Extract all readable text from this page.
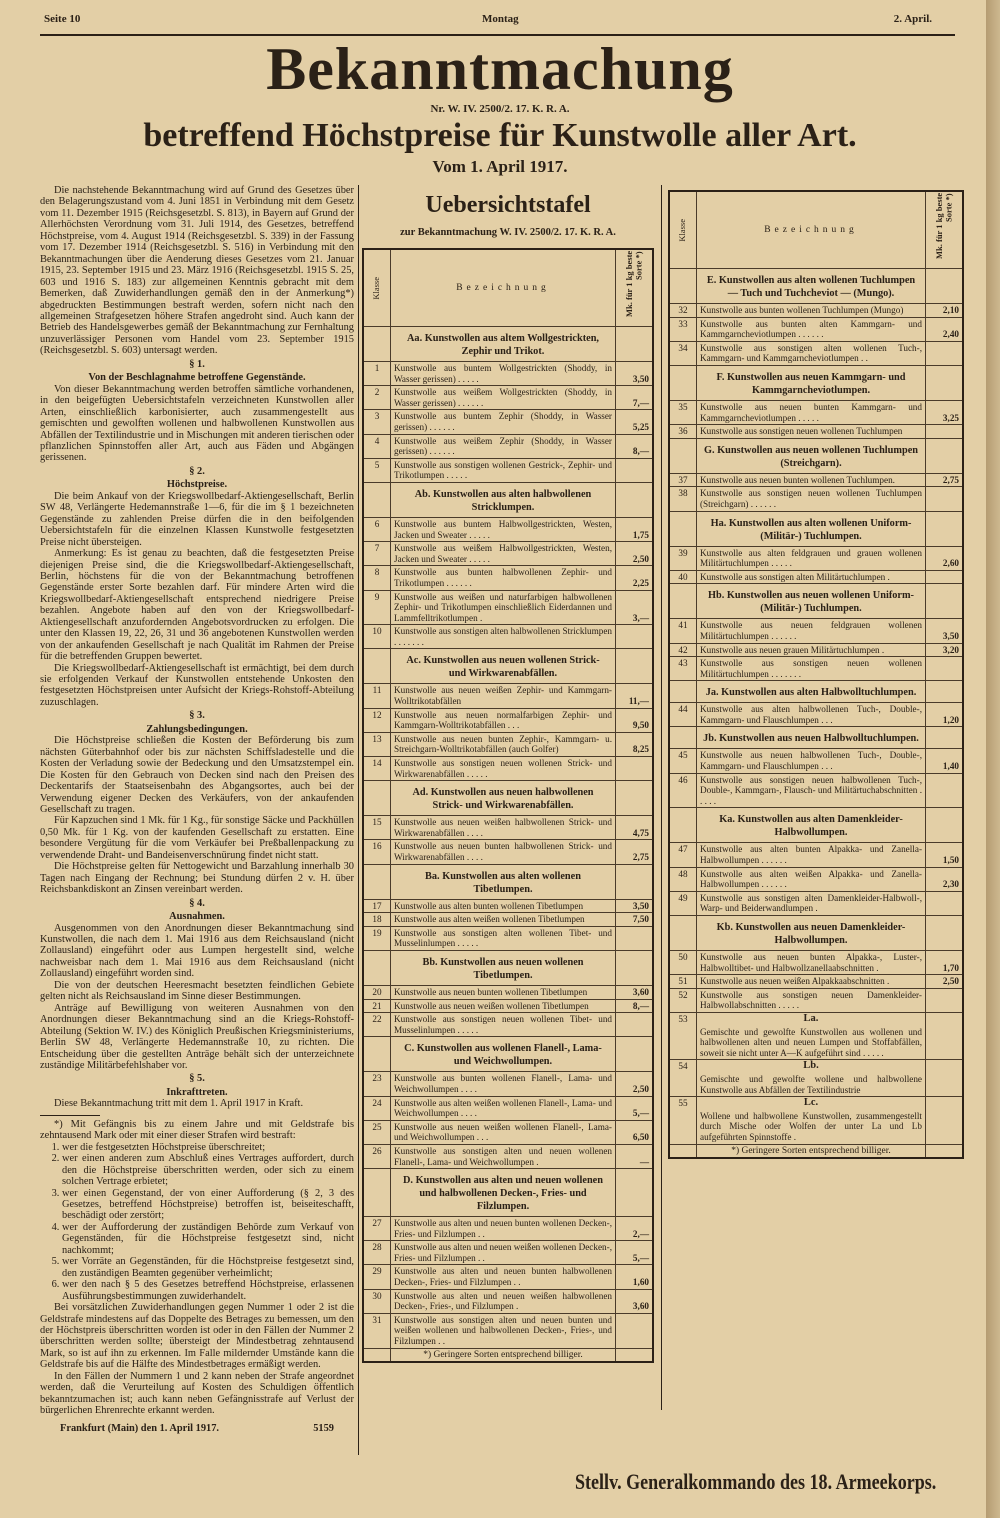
Seite 10	Montag	2. April.
Bekanntmachung
Nr. W. IV. 2500/2. 17. K. R. A.
betreffend Höchstpreise für Kunstwolle aller Art.
Vom 1. April 1917.

Die nachstehende Bekanntmachung wird auf Grund des Gesetzes über den Belagerungszustand vom 4. Juni 1851 in Verbindung mit dem Gesetz vom 11. Dezember 1915 (Reichsgesetzbl. S. 813), in Bayern auf Grund der Allerhöchsten Verordnung vom 31. Juli 1914, des Gesetzes, betreffend Höchstpreise, vom 4. August 1914 (Reichsgesetzbl. S. 339) in der Fassung vom 17. Dezember 1914 (Reichsgesetzbl. S. 516) in Verbindung mit den Bekanntmachungen über die Aenderung dieses Gesetzes vom 21. Januar 1915, 23. September 1915 und 23. März 1916 (Reichsgesetzbl. 1915 S. 25, 603 und 1916 S. 183) zur allgemeinen Kenntnis gebracht mit dem Bemerken, daß Zuwiderhandlungen gemäß den in der Anmerkung*) abgedruckten Bestimmungen bestraft werden, sofern nicht nach den allgemeinen Strafgesetzen höhere Strafen angedroht sind. Auch kann der Betrieb des Handelsgewerbes gemäß der Bekanntmachung zur Fernhaltung unzuverlässiger Personen vom Handel vom 23. September 1915 (Reichsgesetzbl. S. 603) untersagt werden.

§ 1.

Von der Beschlagnahme betroffene Gegenstände.

Von dieser Bekanntmachung werden betroffen sämtliche vorhandenen, in den beigefügten Uebersichtstafeln verzeichneten Kunstwollen aller Arten, einschließlich karbonisierter, auch zusammengestellt aus gemischten und gewolften wollenen und halbwollenen Kunstwollen aus Abfällen der Textilindustrie und in Mischungen mit anderen tierischen oder pflanzlichen Spinnstoffen aller Art, auch aus Fäden und Abgängen gerissenen.

§ 2.

Höchstpreise.

Die beim Ankauf von der Kriegswollbedarf-Aktiengesellschaft, Berlin SW 48, Verlängerte Hedemannstraße 1—6, für die im § 1 bezeichneten Gegenstände zu zahlenden Preise dürfen die in den beifolgenden Uebersichtstafeln für die einzelnen Klassen Kunstwolle festgesetzten Preise nicht übersteigen.

Anmerkung: Es ist genau zu beachten, daß die festgesetzten Preise diejenigen Preise sind, die die Kriegswollbedarf-Aktiengesellschaft, Berlin, höchstens für die von der Bekanntmachung betroffenen Gegenstände erster Sorte bezahlen darf. Für mindere Arten wird die Kriegswollbedarf-Aktiengesellschaft entsprechend niedrigere Preise bezahlen. Angebote haben auf den von der Kriegswollbedarf-Aktiengesellschaft anzufordernden Angebotsvordrucken zu erfolgen. Die unter den Klassen 19, 22, 26, 31 und 36 angebotenen Kunstwollen werden von der ankaufenden Gesellschaft je nach Qualität im Rahmen der Preise für die betreffenden Gruppen bewertet.

Die Kriegswollbedarf-Aktiengesellschaft ist ermächtigt, bei dem durch sie erfolgenden Verkauf der Kunstwollen entstehende Unkosten den festgesetzten Höchstpreisen unter Aufsicht der Kriegs-Rohstoff-Abteilung zuzuschlagen.

§ 3.

Zahlungsbedingungen.

Die Höchstpreise schließen die Kosten der Beförderung bis zum nächsten Güterbahnhof oder bis zur nächsten Schiffsladestelle und die Kosten der Verladung sowie der Bedeckung und den Umsatzstempel ein. Die Kosten für den Gebrauch von Decken sind nach den Preisen des Deckentarifs der Staatseisenbahn des Abgangsortes, auch bei der Verwendung eigener Decken des Verkäufers, von der ankaufenden Gesellschaft zu tragen.

Für Kapzuchen sind 1 Mk. für 1 Kg., für sonstige Säcke und Packhüllen 0,50 Mk. für 1 Kg. von der kaufenden Gesellschaft zu erstatten. Eine besondere Vergütung für die vom Verkäufer bei Preßballenpackung zu verwendende Draht- und Bandeisenverschnürung findet nicht statt.

Die Höchstpreise gelten für Nettogewicht und Barzahlung innerhalb 30 Tagen nach Eingang der Rechnung; bei Stundung dürfen 2 v. H. über Reichsbankdiskont an Zinsen vereinbart werden.

§ 4.

Ausnahmen.

Ausgenommen von den Anordnungen dieser Bekanntmachung sind Kunstwollen, die nach dem 1. Mai 1916 aus dem Reichsausland (nicht Zollausland) eingeführt oder aus Lumpen hergestellt sind, welche nachweisbar nach dem 1. Mai 1916 aus dem Reichsausland (nicht Zollausland) eingeführt worden sind.

Die von der deutschen Heeresmacht besetzten feindlichen Gebiete gelten nicht als Reichsausland im Sinne dieser Bestimmungen.

Anträge auf Bewilligung von weiteren Ausnahmen von den Anordnungen dieser Bekanntmachung sind an die Kriegs-Rohstoff-Abteilung (Sektion W. IV.) des Königlich Preußischen Kriegsministeriums, Berlin SW 48, Verlängerte Hedemannstraße 10, zu richten. Die Entscheidung über die gestellten Anträge behält sich der unterzeichnete zuständige Militärbefehlshaber vor.

§ 5.

Inkrafttreten.

Diese Bekanntmachung tritt mit dem 1. April 1917 in Kraft.

*) Mit Gefängnis bis zu einem Jahre und mit Geldstrafe bis zehntausend Mark oder mit einer dieser Strafen wird bestraft:

1. wer die festgesetzten Höchstpreise überschreitet;
2. wer einen anderen zum Abschluß eines Vertrages auffordert, durch den die Höchstpreise überschritten werden, oder sich zu einem solchen Vertrage erbietet;
3. wer einen Gegenstand, der von einer Aufforderung (§ 2, 3 des Gesetzes, betreffend Höchstpreise) betroffen ist, beiseiteschafft, beschädigt oder zerstört;
4. wer der Aufforderung der zuständigen Behörde zum Verkauf von Gegenständen, für die Höchstpreise festgesetzt sind, nicht nachkommt;
5. wer Vorräte an Gegenständen, für die Höchstpreise festgesetzt sind, den zuständigen Beamten gegenüber verheimlicht;
6. wer den nach § 5 des Gesetzes betreffend Höchstpreise, erlassenen Ausführungsbestimmungen zuwiderhandelt.

Bei vorsätzlichen Zuwiderhandlungen gegen Nummer 1 oder 2 ist die Geldstrafe mindestens auf das Doppelte des Betrages zu bemessen, um den der Höchstpreis überschritten worden ist oder in den Fällen der Nummer 2 überschritten werden sollte; übersteigt der Mindestbetrag zehntausend Mark, so ist auf ihn zu erkennen. Im Falle mildernder Umstände kann die Geldstrafe bis auf die Hälfte des Mindestbetrages ermäßigt werden.

In den Fällen der Nummern 1 und 2 kann neben der Strafe angeordnet werden, daß die Verurteilung auf Kosten des Schuldigen öffentlich bekanntzumachen ist; auch kann neben Gefängnisstrafe auf Verlust der bürgerlichen Ehrenrechte erkannt werden.

Frankfurt (Main) den 1. April 1917.	5159
Uebersichtstafel
zur Bekanntmachung W. IV. 2500/2. 17. K. R. A.
Klasse	Bezeichnung	Mk. für 1 kg beste Sorte *)

	Aa. Kunstwollen aus altem Wollgestrickten, Zephir und Trikot.	
1	Kunstwolle aus buntem Wollgestrickten (Shoddy, in Wasser gerissen) . . . . .	3,50
2	Kunstwolle aus weißem Wollgestrickten (Shoddy, in Wasser gerissen) . . . . . .	7,—
3	Kunstwolle aus buntem Zephir (Shoddy, in Wasser gerissen) . . . . . .	5,25
4	Kunstwolle aus weißem Zephir (Shoddy, in Wasser gerissen) . . . . . .	8,—
5	Kunstwolle aus sonstigen wollenen Gestrick-, Zephir- und Trikotlumpen . . . . .	
	Ab. Kunstwollen aus alten halbwollenen Stricklumpen.	
6	Kunstwolle aus buntem Halbwollgestrickten, Westen, Jacken und Sweater . . . . .	1,75
7	Kunstwolle aus weißem Halbwollgestrickten, Westen, Jacken und Sweater . . . . .	2,50
8	Kunstwolle aus bunten halbwollenen Zephir- und Trikotlumpen . . . . . .	2,25
9	Kunstwolle aus weißen und naturfarbigen halbwollenen Zephir- und Trikotlumpen einschließlich Eiderdannen und Lammfelltrikotlumpen .	3,—
10	Kunstwolle aus sonstigen alten halbwollenen Stricklumpen . . . . . . .	
	Ac. Kunstwollen aus neuen wollenen Strick- und Wirkwarenabfällen.	
11	Kunstwolle aus neuen weißen Zephir- und Kammgarn-Wolltrikotabfällen	11,—
12	Kunstwolle aus neuen normalfarbigen Zephir- und Kammgarn-Wolltrikotabfällen . . .	9,50
13	Kunstwolle aus neuen bunten Zephir-, Kammgarn- u. Streichgarn-Wolltrikotabfällen (auch Golfer)	8,25
14	Kunstwolle aus sonstigen neuen wollenen Strick- und Wirkwarenabfällen . . . . .	
	Ad. Kunstwollen aus neuen halbwollenen Strick- und Wirkwarenabfällen.	
15	Kunstwolle aus neuen weißen halbwollenen Strick- und Wirkwarenabfällen . . . .	4,75
16	Kunstwolle aus neuen bunten halbwollenen Strick- und Wirkwarenabfällen . . . .	2,75
	Ba. Kunstwollen aus alten wollenen Tibetlumpen.	
17	Kunstwolle aus alten bunten wollenen Tibetlumpen	3,50
18	Kunstwolle aus alten weißen wollenen Tibetlumpen	7,50
19	Kunstwolle aus sonstigen alten wollenen Tibet- und Musselinlumpen . . . . .	
	Bb. Kunstwollen aus neuen wollenen Tibetlumpen.	
20	Kunstwolle aus neuen bunten wollenen Tibetlumpen	3,60
21	Kunstwolle aus neuen weißen wollenen Tibetlumpen	8,—
22	Kunstwolle aus sonstigen neuen wollenen Tibet- und Musselinlumpen . . . . .	
	C. Kunstwollen aus wollenen Flanell-, Lama- und Weichwollumpen.	
23	Kunstwolle aus bunten wollenen Flanell-, Lama- und Weichwollumpen . . . .	2,50
24	Kunstwolle aus alten weißen wollenen Flanell-, Lama- und Weichwollumpen . . . .	5,—
25	Kunstwolle aus neuen weißen wollenen Flanell-, Lama- und Weichwollumpen . . .	6,50
26	Kunstwolle aus sonstigen alten und neuen wollenen Flanell-, Lama- und Weichwollumpen .	—
	D. Kunstwollen aus alten und neuen wollenen und halbwollenen Decken-, Fries- und Filzlumpen.	
27	Kunstwolle aus alten und neuen bunten wollenen Decken-, Fries- und Filzlumpen . .	2,—
28	Kunstwolle aus alten und neuen weißen wollenen Decken-, Fries- und Filzlumpen . .	5,—
29	Kunstwolle aus alten und neuen bunten halbwollenen Decken-, Fries- und Filzlumpen . .	1,60
30	Kunstwolle aus alten und neuen weißen halbwollenen Decken-, Fries-, und Filzlumpen .	3,60
31	Kunstwolle aus sonstigen alten und neuen bunten und weißen wollenen und halbwollenen Decken-, Fries-, und Filzlumpen . .	
	*) Geringere Sorten entsprechend billiger.	
Klasse	Bezeichnung	Mk. für 1 kg beste Sorte *)

	E. Kunstwollen aus alten wollenen Tuchlumpen — Tuch und Tuchcheviot — (Mungo).	
32	Kunstwolle aus bunten wollenen Tuchlumpen (Mungo)	2,10
33	Kunstwolle aus bunten alten Kammgarn- und Kammgarncheviotlumpen . . . . . .	2,40
34	Kunstwolle aus sonstigen alten wollenen Tuch-, Kammgarn- und Kammgarncheviotlumpen . .	
	F. Kunstwollen aus neuen Kammgarn- und Kammgarncheviotlumpen.	
35	Kunstwolle aus neuen bunten Kammgarn- und Kammgarncheviotlumpen . . . . .	3,25
36	Kunstwolle aus sonstigen neuen wollenen Tuchlumpen	
	G. Kunstwollen aus neuen wollenen Tuchlumpen (Streichgarn).	
37	Kunstwolle aus neuen bunten wollenen Tuchlumpen.	2,75
38	Kunstwolle aus sonstigen neuen wollenen Tuchlumpen (Streichgarn) . . . . . .	
	Ha. Kunstwollen aus alten wollenen Uniform- (Militär-) Tuchlumpen.	
39	Kunstwolle aus alten feldgrauen und grauen wollenen Militärtuchlumpen . . . . .	2,60
40	Kunstwolle aus sonstigen alten Militärtuchlumpen .	
	Hb. Kunstwollen aus neuen wollenen Uniform- (Militär-) Tuchlumpen.	
41	Kunstwolle aus neuen feldgrauen wollenen Militärtuchlumpen . . . . . .	3,50
42	Kunstwolle aus neuen grauen Militärtuchlumpen .	3,20
43	Kunstwolle aus sonstigen neuen wollenen Militärtuchlumpen . . . . . . .	
	Ja. Kunstwollen aus alten Halbwolltuchlumpen.	
44	Kunstwolle aus alten halbwollenen Tuch-, Double-, Kammgarn- und Flauschlumpen . . .	1,20
	Jb. Kunstwollen aus neuen Halbwolltuchlumpen.	
45	Kunstwolle aus neuen halbwollenen Tuch-, Double-, Kammgarn- und Flauschlumpen . . .	1,40
46	Kunstwolle aus sonstigen neuen halbwollenen Tuch-, Double-, Kammgarn-, Flausch- und Militärtuchabschnitten . . . . .	
	Ka. Kunstwollen aus alten Damenkleider-Halbwollumpen.	
47	Kunstwolle aus alten bunten Alpakka- und Zanella-Halbwollumpen . . . . . .	1,50
48	Kunstwolle aus alten weißen Alpakka- und Zanella-Halbwollumpen . . . . . .	2,30
49	Kunstwolle aus sonstigen alten Damenkleider-Halbwoll-, Warp- und Beiderwandlumpen .	
	Kb. Kunstwollen aus neuen Damenkleider-Halbwollumpen.	
50	Kunstwolle aus neuen bunten Alpakka-, Luster-, Halbwolltibet- und Halbwollzanellaabschnitten .	1,70
51	Kunstwolle aus neuen weißen Alpakkaabschnitten .	2,50
52	Kunstwolle aus sonstigen neuen Damenkleider-Halbwollabschnitten . . . . .	
53	La.
Gemischte und gewolfte Kunstwollen aus wollenen und halbwollenen alten und neuen Lumpen und Stoffabfällen, soweit sie nicht unter A—K aufgeführt sind . . . . .	
54	Lb.
Gemischte und gewolfte wollene und halbwollene Kunstwolle aus Abfällen der Textilindustrie	
55	Lc.
Wollene und halbwollene Kunstwollen, zusammengestellt durch Mische oder Wolfen der unter La und Lb aufgeführten Spinnstoffe .	
	*) Geringere Sorten entsprechend billiger.	
Stellv. Generalkommando des 18. Armeekorps.
